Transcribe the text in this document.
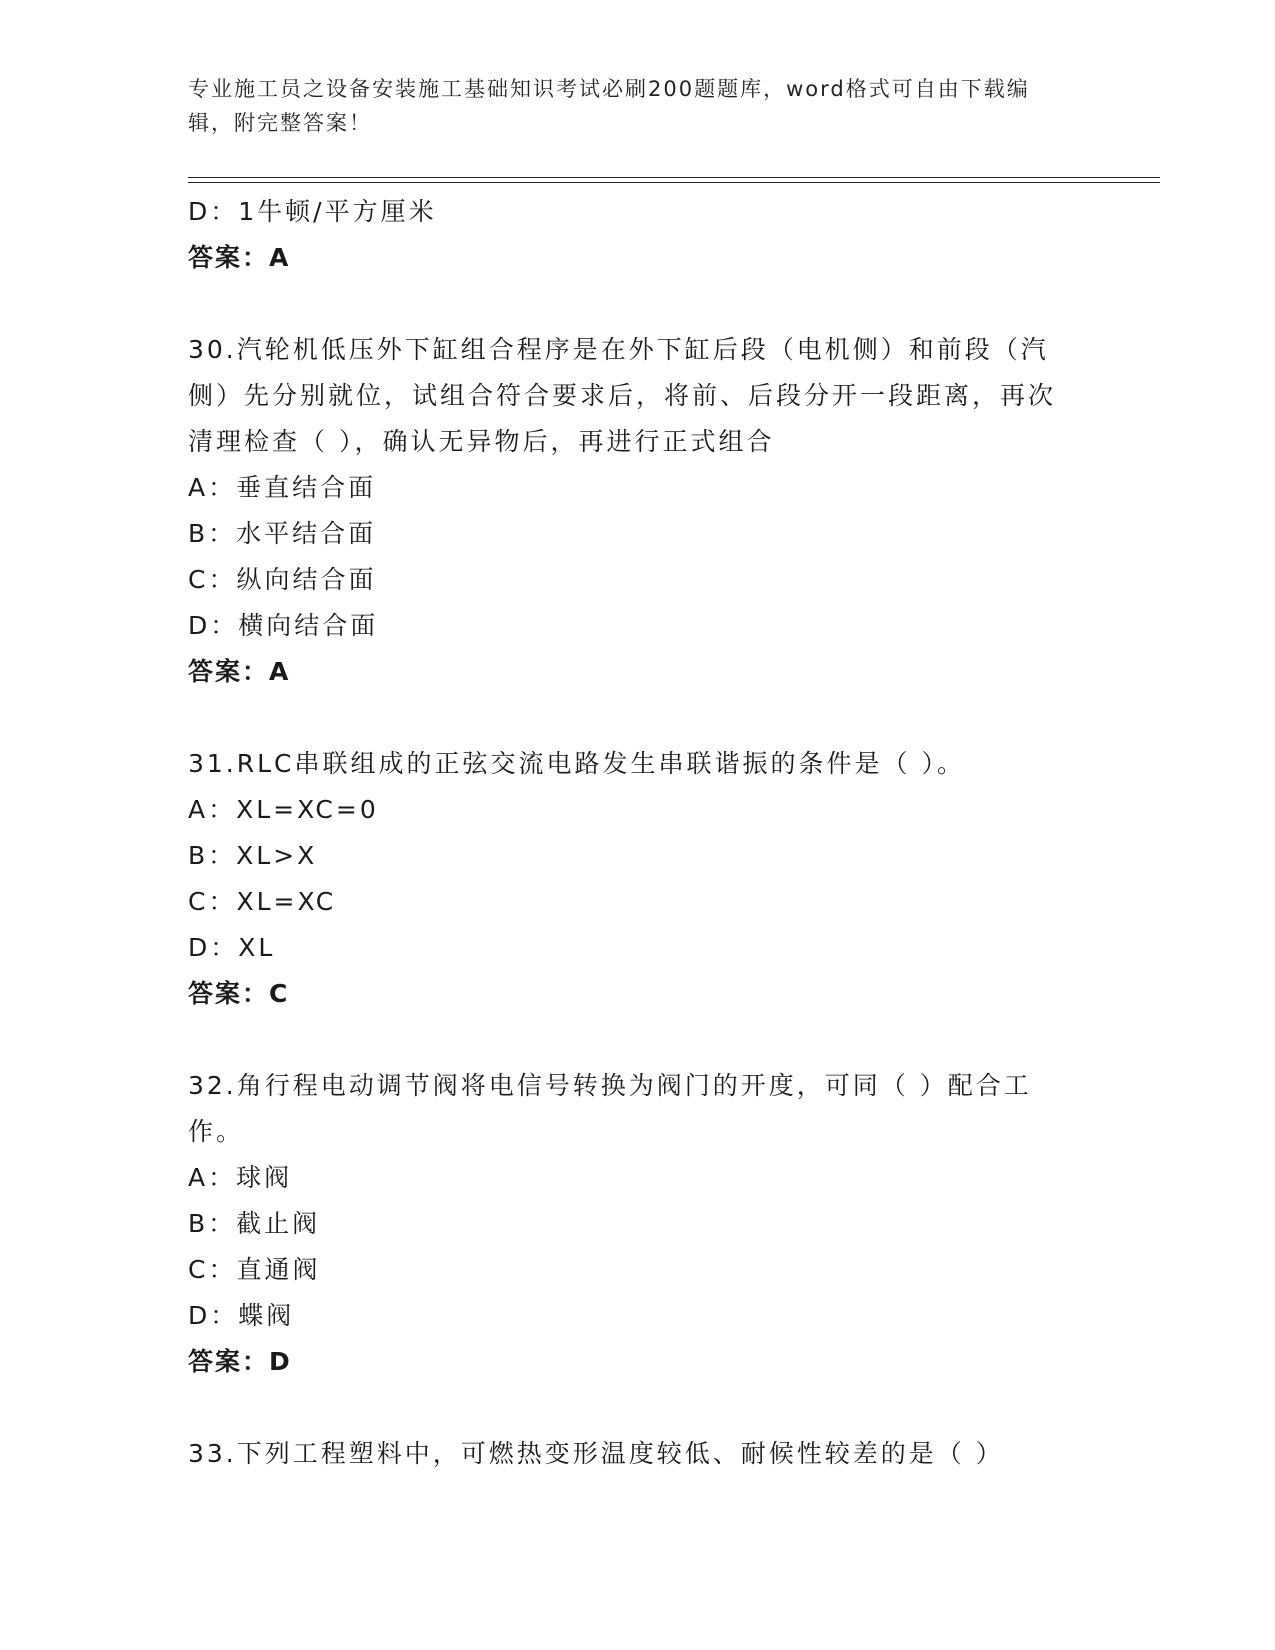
专业施工员之设备安装施工基础知识考试必刷200题题库，word格式可自由下载编辑，附完整答案！
D：1牛顿/平方厘米
答案：A
30.汽轮机低压外下缸组合程序是在外下缸后段（电机侧）和前段（汽侧）先分别就位，试组合符合要求后，将前、后段分开一段距离，再次清理检查（ ），确认无异物后，再进行正式组合
A：垂直结合面
B：水平结合面
C：纵向结合面
D：横向结合面
答案：A
31.RLC串联组成的正弦交流电路发生串联谐振的条件是（ ）。
A：XL=XC=0
B：XL>X
C：XL=XC
D：XL
答案：C
32.角行程电动调节阀将电信号转换为阀门的开度，可同（ ）配合工作。
A：球阀
B：截止阀
C：直通阀
D：蝶阀
答案：D
33.下列工程塑料中，可燃热变形温度较低、耐候性较差的是（ ）
